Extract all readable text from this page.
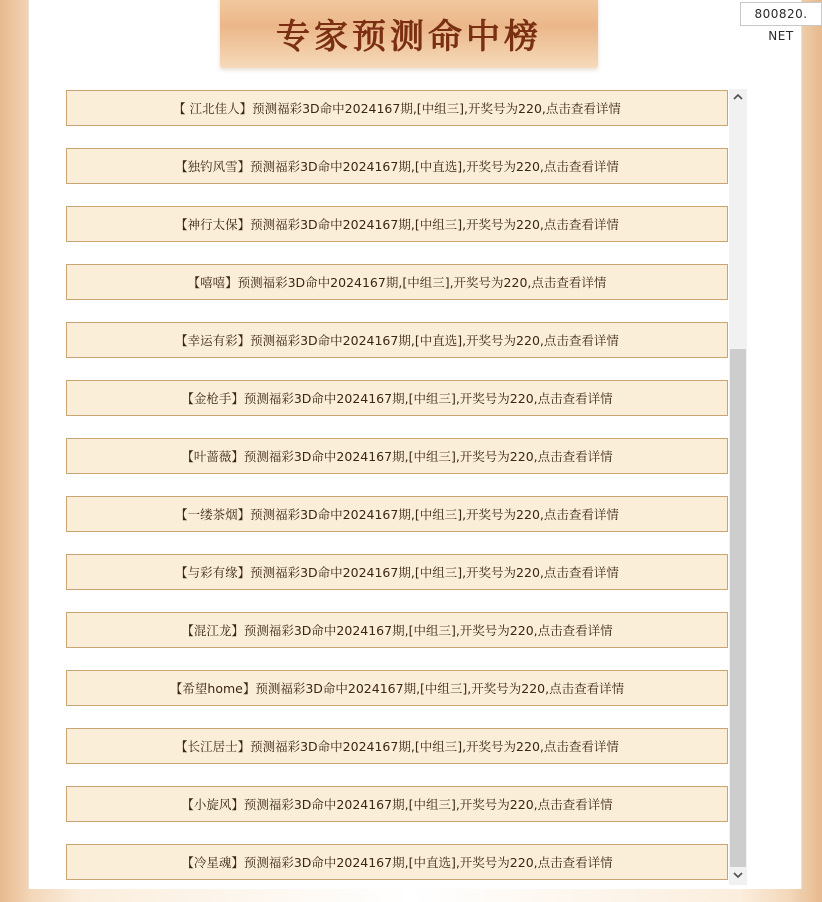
专家预测命中榜
800820. NET
【 江北佳人】预测福彩3D命中2024167期,[中组三],开奖号为220,点击查看详情
【独钓风雪】预测福彩3D命中2024167期,[中直选],开奖号为220,点击查看详情
【神行太保】预测福彩3D命中2024167期,[中组三],开奖号为220,点击查看详情
【嘻嘻】预测福彩3D命中2024167期,[中组三],开奖号为220,点击查看详情
【幸运有彩】预测福彩3D命中2024167期,[中直选],开奖号为220,点击查看详情
【金枪手】预测福彩3D命中2024167期,[中组三],开奖号为220,点击查看详情
【叶蔷薇】预测福彩3D命中2024167期,[中组三],开奖号为220,点击查看详情
【一缕茶烟】预测福彩3D命中2024167期,[中组三],开奖号为220,点击查看详情
【与彩有缘】预测福彩3D命中2024167期,[中组三],开奖号为220,点击查看详情
【混江龙】预测福彩3D命中2024167期,[中组三],开奖号为220,点击查看详情
【希望home】预测福彩3D命中2024167期,[中组三],开奖号为220,点击查看详情
【长江居士】预测福彩3D命中2024167期,[中组三],开奖号为220,点击查看详情
【小旋风】预测福彩3D命中2024167期,[中组三],开奖号为220,点击查看详情
【冷星魂】预测福彩3D命中2024167期,[中直选],开奖号为220,点击查看详情
